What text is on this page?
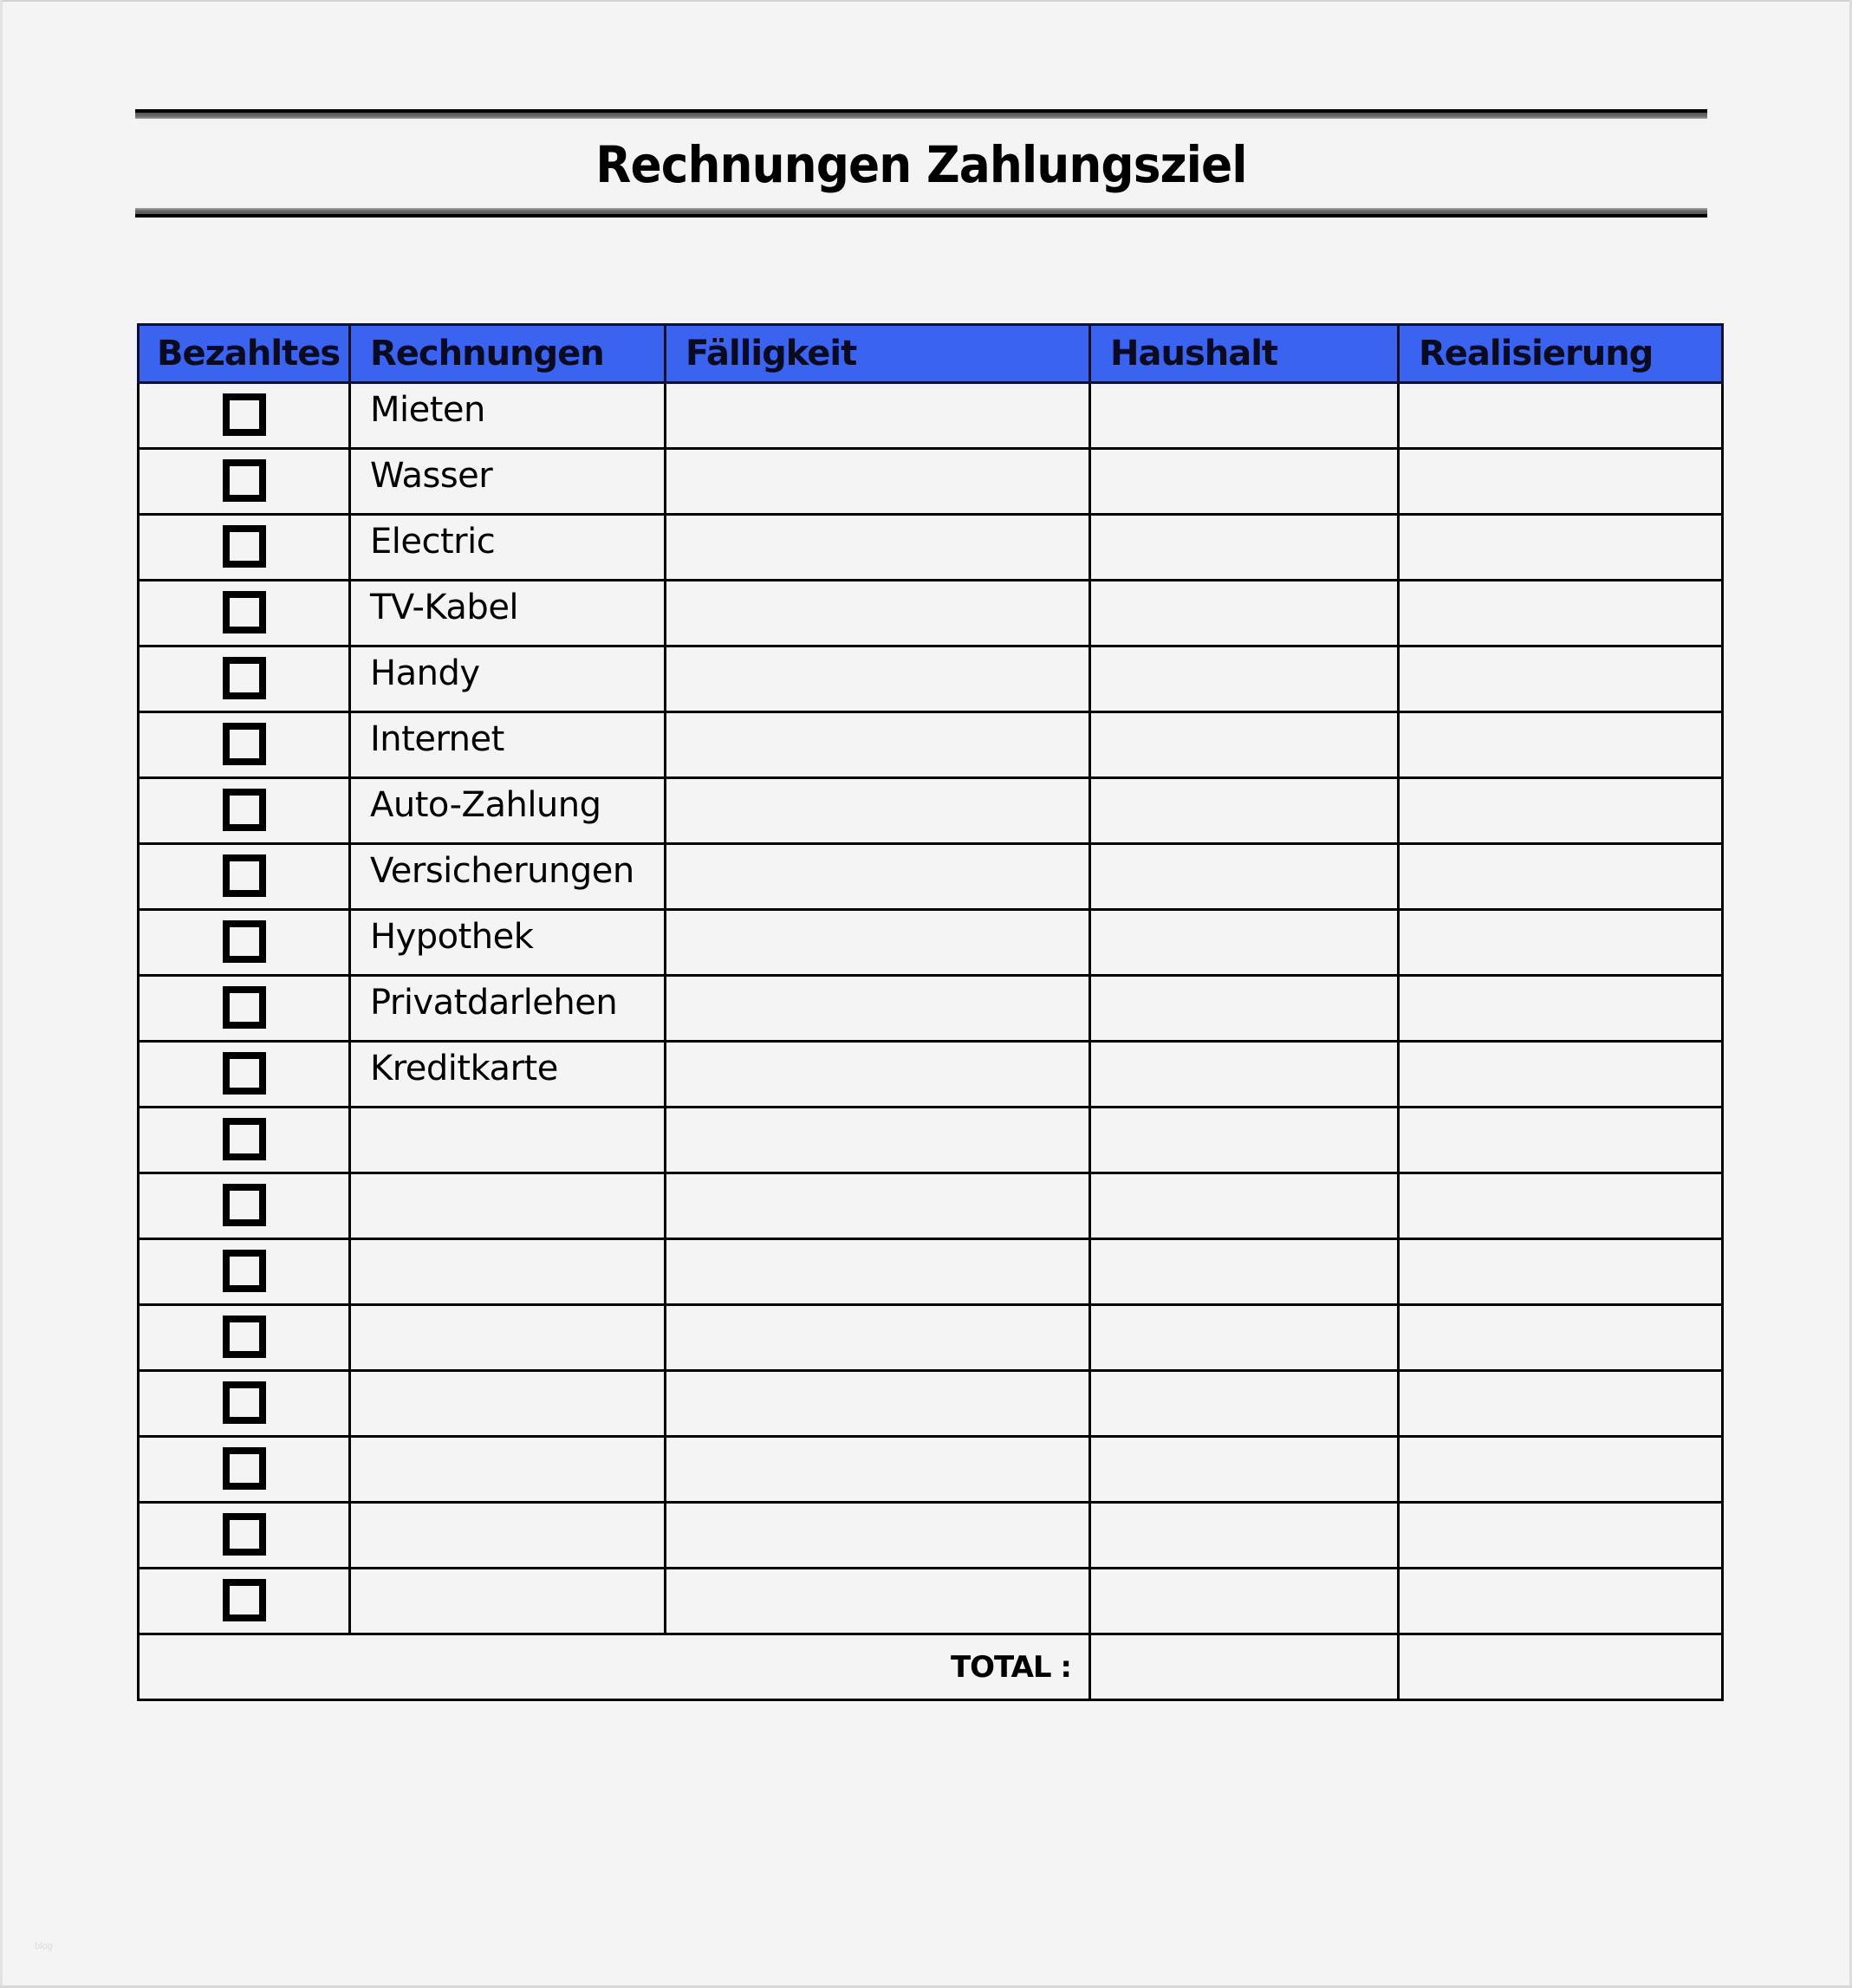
Rechnungen Zahlungsziel
Bezahltes	Rechnungen	Fälligkeit	Haushalt	Realisierung
	Mieten			
	Wasser			
	Electric			
	TV-Kabel			
	Handy			
	Internet			
	Auto-Zahlung			
	Versicherungen			
	Hypothek			
	Privatdarlehen			
	Kreditkarte			

TOTAL :				
blog
